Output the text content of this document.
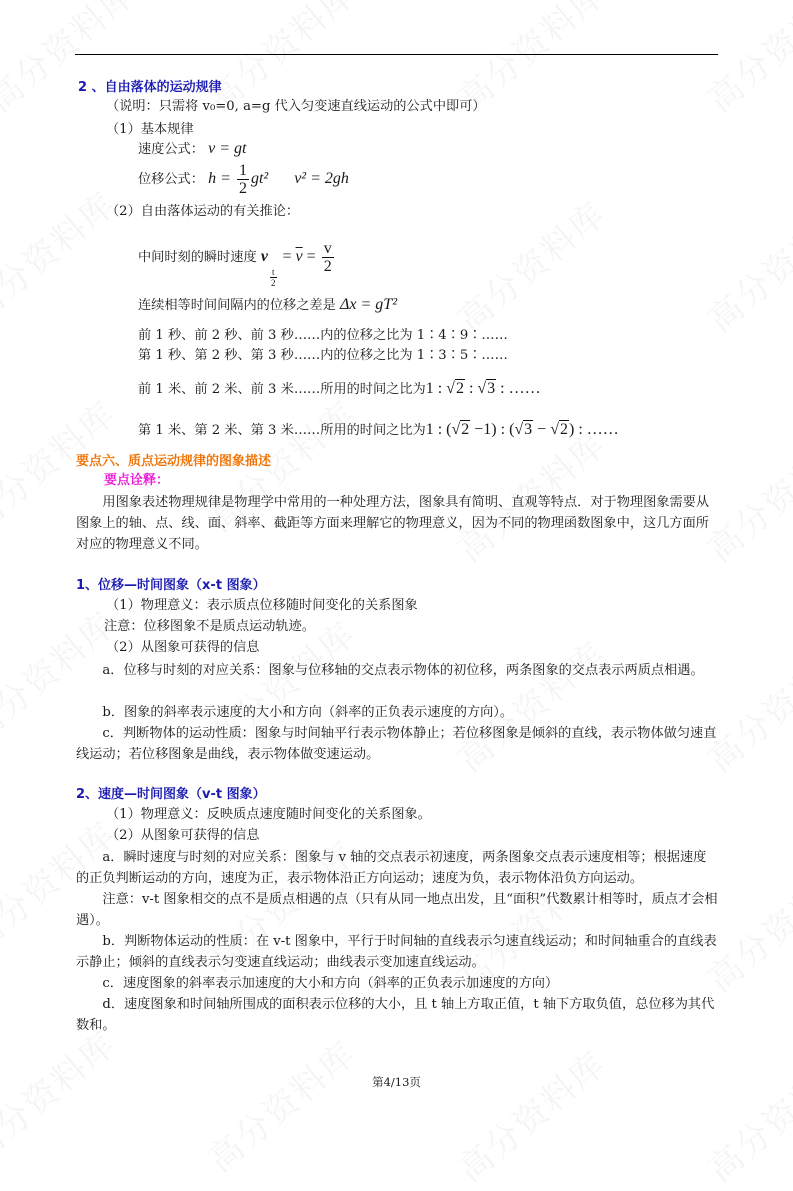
2 、自由落体的运动规律
（说明：只需将 v₀=0, a=g 代入匀变速直线运动的公式中即可）
（1）基本规律
速度公式： v = gt
位移公式： $h = \frac{1}{2} gt^2$ v² = 2gh
（2）自由落体运动的有关推论：
中间时刻的瞬时速度 v
$\frac{t}{2}$
= $\overline{v} = \frac{v}{2}$
连续相等时间间隔内的位移之差是 Δx = gT²
前 1 秒、前 2 秒、前 3 秒……内的位移之比为 1∶4∶9∶……
第 1 秒、第 2 秒、第 3 秒……内的位移之比为 1∶3∶5∶……
前 1 米、前 2 米、前 3 米……所用的时间之比为1 : √2 : √3 : ……
第 1 米、第 2 米、第 3 米……所用的时间之比为1 : (√2 −1) : (√3 − √2) : ……
要点六、质点运动规律的图象描述
要点诠释：
用图象表述物理规律是物理学中常用的一种处理方法，图象具有简明、直观等特点．对于物理图象需要从图象上的轴、点、线、面、斜率、截距等方面来理解它的物理意义，因为不同的物理函数图象中，这几方面所对应的物理意义不同。
1、位移—时间图象（x-t 图象）
（1）物理意义：表示质点位移随时间变化的关系图象
注意：位移图象不是质点运动轨迹。
（2）从图象可获得的信息
a．位移与时刻的对应关系：图象与位移轴的交点表示物体的初位移，两条图象的交点表示两质点相遇。
b．图象的斜率表示速度的大小和方向（斜率的正负表示速度的方向）。
c．判断物体的运动性质：图象与时间轴平行表示物体静止；若位移图象是倾斜的直线，表示物体做匀速直线运动；若位移图象是曲线，表示物体做变速运动。
2、速度—时间图象（v-t 图象）
（1）物理意义：反映质点速度随时间变化的关系图象。
（2）从图象可获得的信息
a．瞬时速度与时刻的对应关系：图象与 v 轴的交点表示初速度，两条图象交点表示速度相等；根据速度的正负判断运动的方向，速度为正，表示物体沿正方向运动；速度为负，表示物体沿负方向运动。
注意：v-t 图象相交的点不是质点相遇的点（只有从同一地点出发，且“面积”代数累计相等时，质点才会相遇）。
b．判断物体运动的性质：在 v-t 图象中，平行于时间轴的直线表示匀速直线运动；和时间轴重合的直线表示静止；倾斜的直线表示匀变速直线运动；曲线表示变加速直线运动。
c．速度图象的斜率表示加速度的大小和方向（斜率的正负表示加速度的方向）
d．速度图象和时间轴所围成的面积表示位移的大小，且 t 轴上方取正值，t 轴下方取负值，总位移为其代数和。
第4/13页
